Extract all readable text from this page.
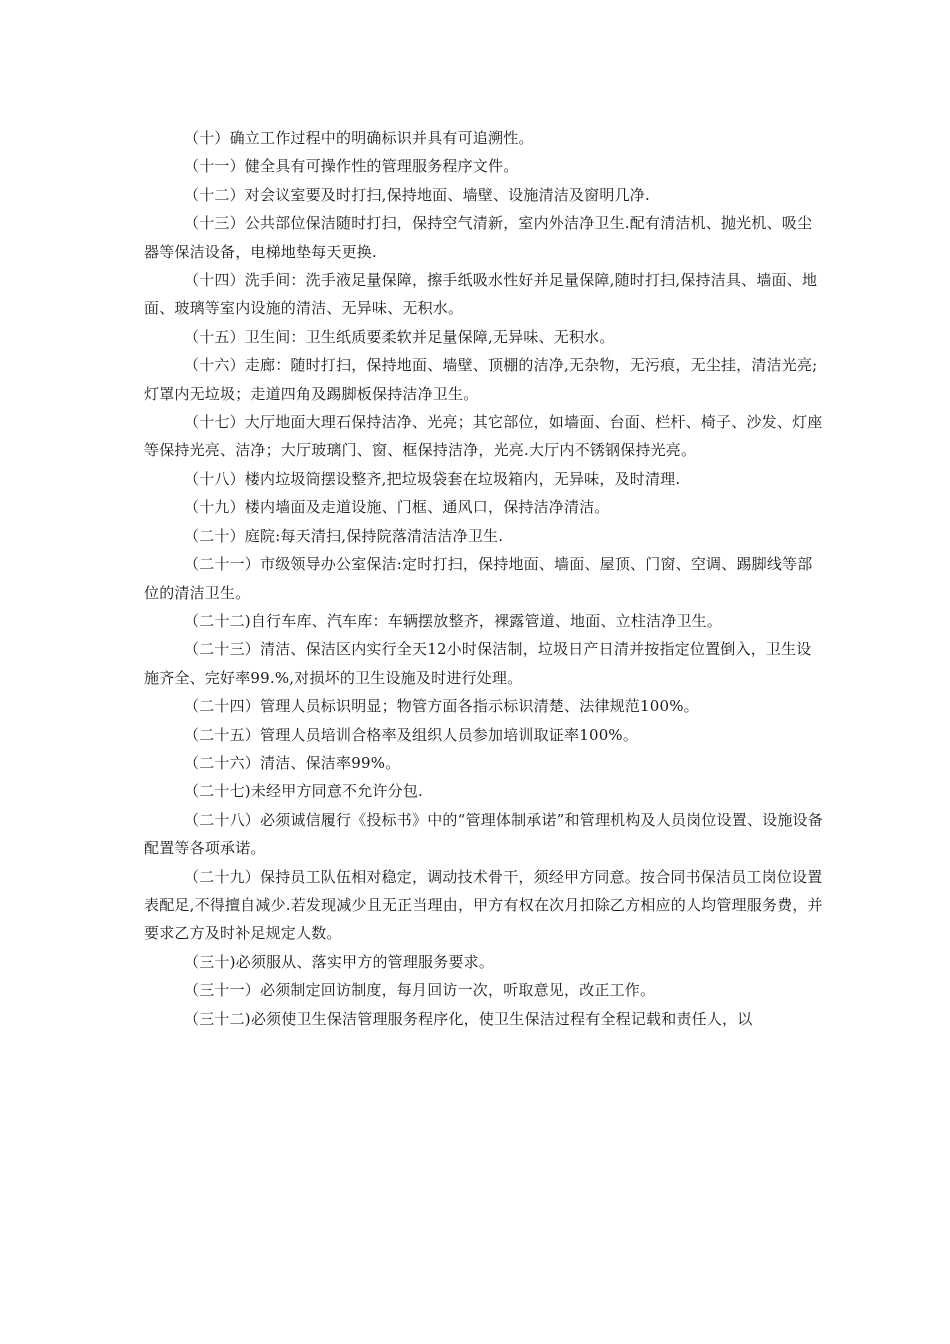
（十）确立工作过程中的明确标识并具有可追溯性。

（十一）健全具有可操作性的管理服务程序文件。

（十二）对会议室要及时打扫,保持地面、墙壁、设施清洁及窗明几净.

（十三）公共部位保洁随时打扫，保持空气清新，室内外洁净卫生.配有清洁机、抛光机、吸尘器等保洁设备，电梯地垫每天更换.

（十四）洗手间：洗手液足量保障，擦手纸吸水性好并足量保障,随时打扫,保持洁具、墙面、地面、玻璃等室内设施的清洁、无异味、无积水。

（十五）卫生间：卫生纸质要柔软并足量保障,无异味、无积水。

（十六）走廊：随时打扫，保持地面、墙壁、顶棚的洁净,无杂物，无污痕，无尘挂，清洁光亮;灯罩内无垃圾；走道四角及踢脚板保持洁净卫生。

（十七）大厅地面大理石保持洁净、光亮；其它部位，如墙面、台面、栏杆、椅子、沙发、灯座等保持光亮、洁净；大厅玻璃门、窗、框保持洁净，光亮.大厅内不锈钢保持光亮。

（十八）楼内垃圾筒摆设整齐,把垃圾袋套在垃圾箱内，无异味，及时清理.

（十九）楼内墙面及走道设施、门框、通风口，保持洁净清洁。

（二十）庭院:每天清扫,保持院落清洁洁净卫生.

（二十一）市级领导办公室保洁:定时打扫，保持地面、墙面、屋顶、门窗、空调、踢脚线等部位的清洁卫生。

（二十二)自行车库、汽车库：车辆摆放整齐，裸露管道、地面、立柱洁净卫生。

（二十三）清洁、保洁区内实行全天12小时保洁制，垃圾日产日清并按指定位置倒入，卫生设施齐全、完好率99.%,对损坏的卫生设施及时进行处理。

（二十四）管理人员标识明显；物管方面各指示标识清楚、法律规范100%。

（二十五）管理人员培训合格率及组织人员参加培训取证率100%。

（二十六）清洁、保洁率99%。

（二十七)未经甲方同意不允许分包.

（二十八）必须诚信履行《投标书》中的“管理体制承诺”和管理机构及人员岗位设置、设施设备配置等各项承诺。

（二十九）保持员工队伍相对稳定，调动技术骨干，须经甲方同意。按合同书保洁员工岗位设置表配足,不得擅自减少.若发现减少且无正当理由，甲方有权在次月扣除乙方相应的人均管理服务费，并要求乙方及时补足规定人数。

（三十)必须服从、落实甲方的管理服务要求。

（三十一）必须制定回访制度，每月回访一次，听取意见，改正工作。

（三十二)必须使卫生保洁管理服务程序化，使卫生保洁过程有全程记载和责任人，以
